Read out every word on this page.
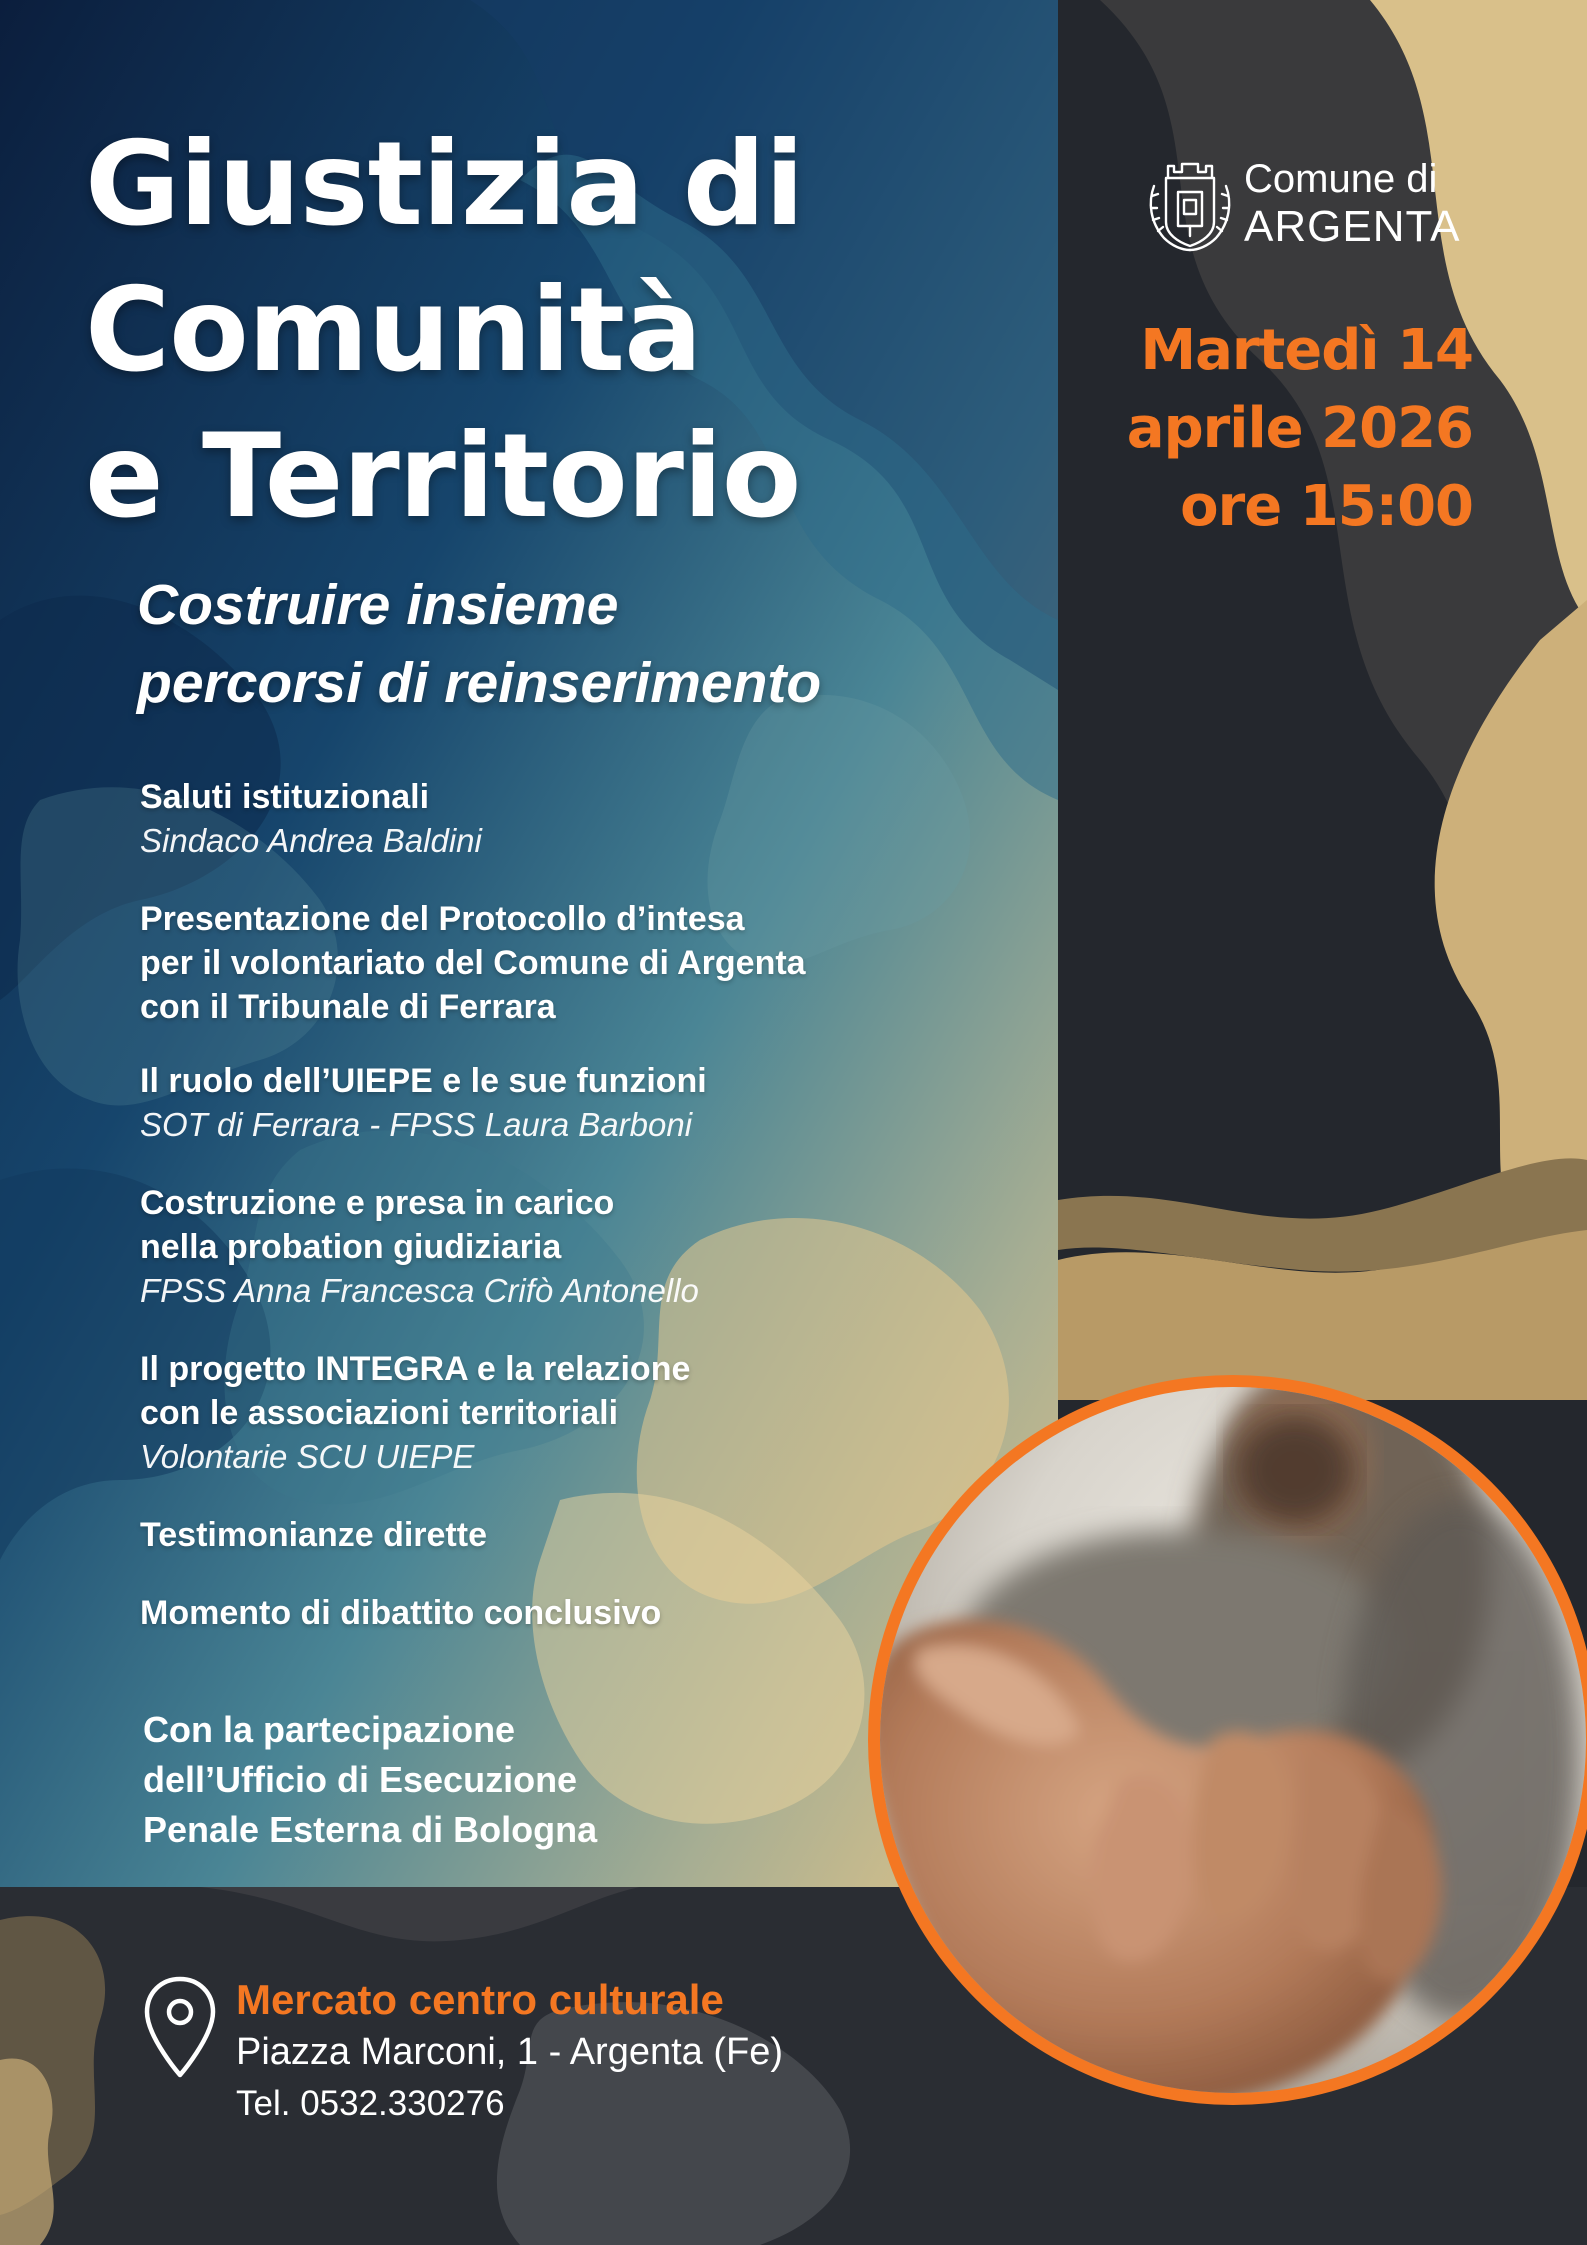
Giustizia di
Comunità
e Territorio
Costruire insieme
percorsi di reinserimento
Comune di
ARGENTA
Martedì 14
aprile 2026
ore 15:00
Saluti istituzionali
Sindaco Andrea Baldini
Presentazione del Protocollo d’intesa
per il volontariato del Comune di Argenta
con il Tribunale di Ferrara
Il ruolo dell’UIEPE e le sue funzioni
SOT di Ferrara - FPSS Laura Barboni
Costruzione e presa in carico
nella probation giudiziaria
FPSS Anna Francesca Crifò Antonello
Il progetto INTEGRA e la relazione
con le associazioni territoriali
Volontarie SCU UIEPE
Testimonianze dirette
Momento di dibattito conclusivo
Con la partecipazione
dell’Ufficio di Esecuzione
Penale Esterna di Bologna
Mercato centro culturale
Piazza Marconi, 1 - Argenta (Fe)
Tel. 0532.330276
